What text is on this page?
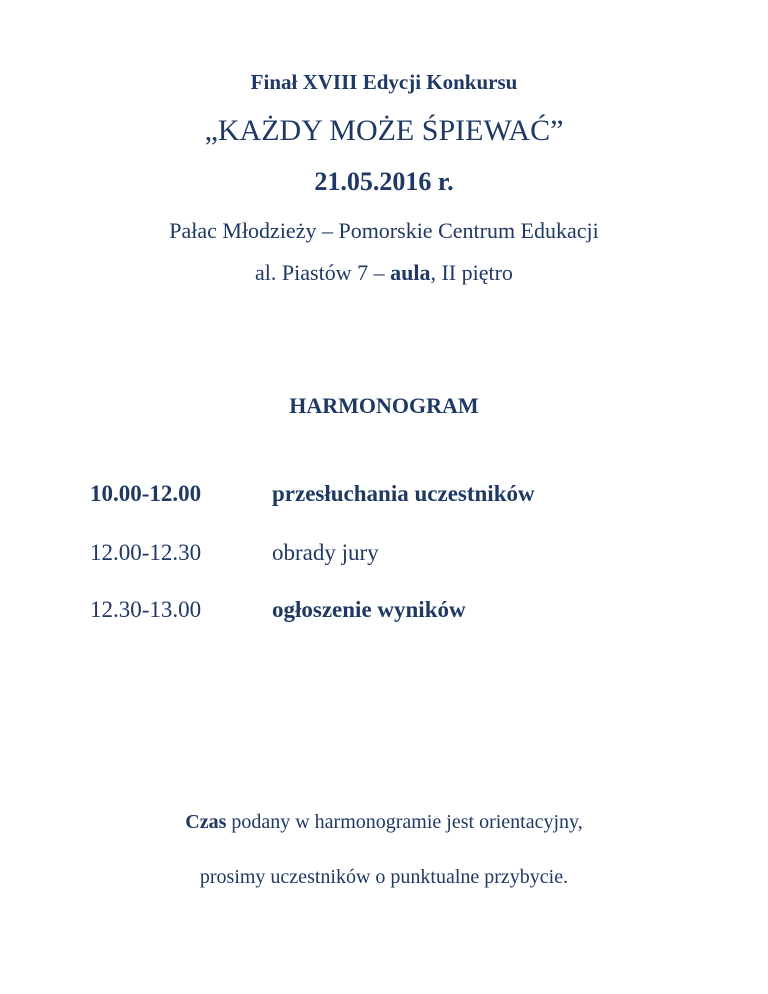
Finał XVIII Edycji Konkursu
„KAŻDY MOŻE ŚPIEWAĆ”
21.05.2016 r.
Pałac Młodzieży – Pomorskie Centrum Edukacji
al. Piastów 7 – aula, II piętro
HARMONOGRAM
10.00-12.00	przesłuchania uczestników
12.00-12.30	obrady jury
12.30-13.00	ogłoszenie wyników
Czas podany w harmonogramie jest orientacyjny,
prosimy uczestników o punktualne przybycie.
